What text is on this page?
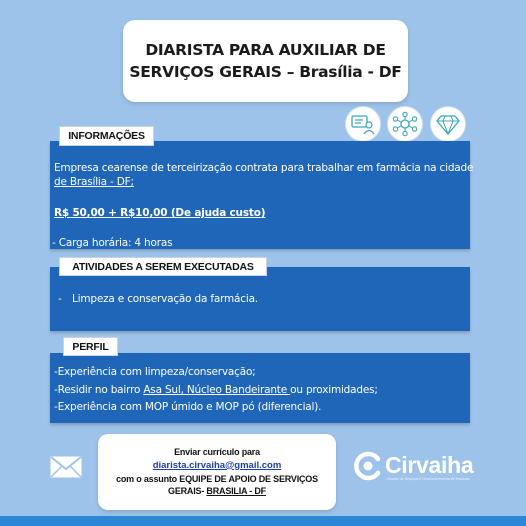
DIARISTA PARA AUXILIAR DE
SERVIÇOS GERAIS – Brasília - DF
Empresa cearense de terceirização contrata para trabalhar em farmácia na cidade
de Brasília - DF;
R$ 50,00 + R$10,00 (De ajuda custo)
- Carga horária: 4 horas
INFORMAÇÕES
- Limpeza e conservação da farmácia.
ATIVIDADES A SEREM EXECUTADAS
-Experiência com limpeza/conservação;
-Residir no bairro Asa Sul, Núcleo Bandeirante ou proximidades;
-Experiência com MOP úmido e MOP pó (diferencial).
PERFIL
Enviar currículo para
diarista.cirvaiha@gmail.com
com o assunto EQUIPE DE APOIO DE SERVIÇOS
GERAIS- BRASILIA - DF
Cirvaiha
Gestão de Serviços e Desenvolvimento de Pessoas
